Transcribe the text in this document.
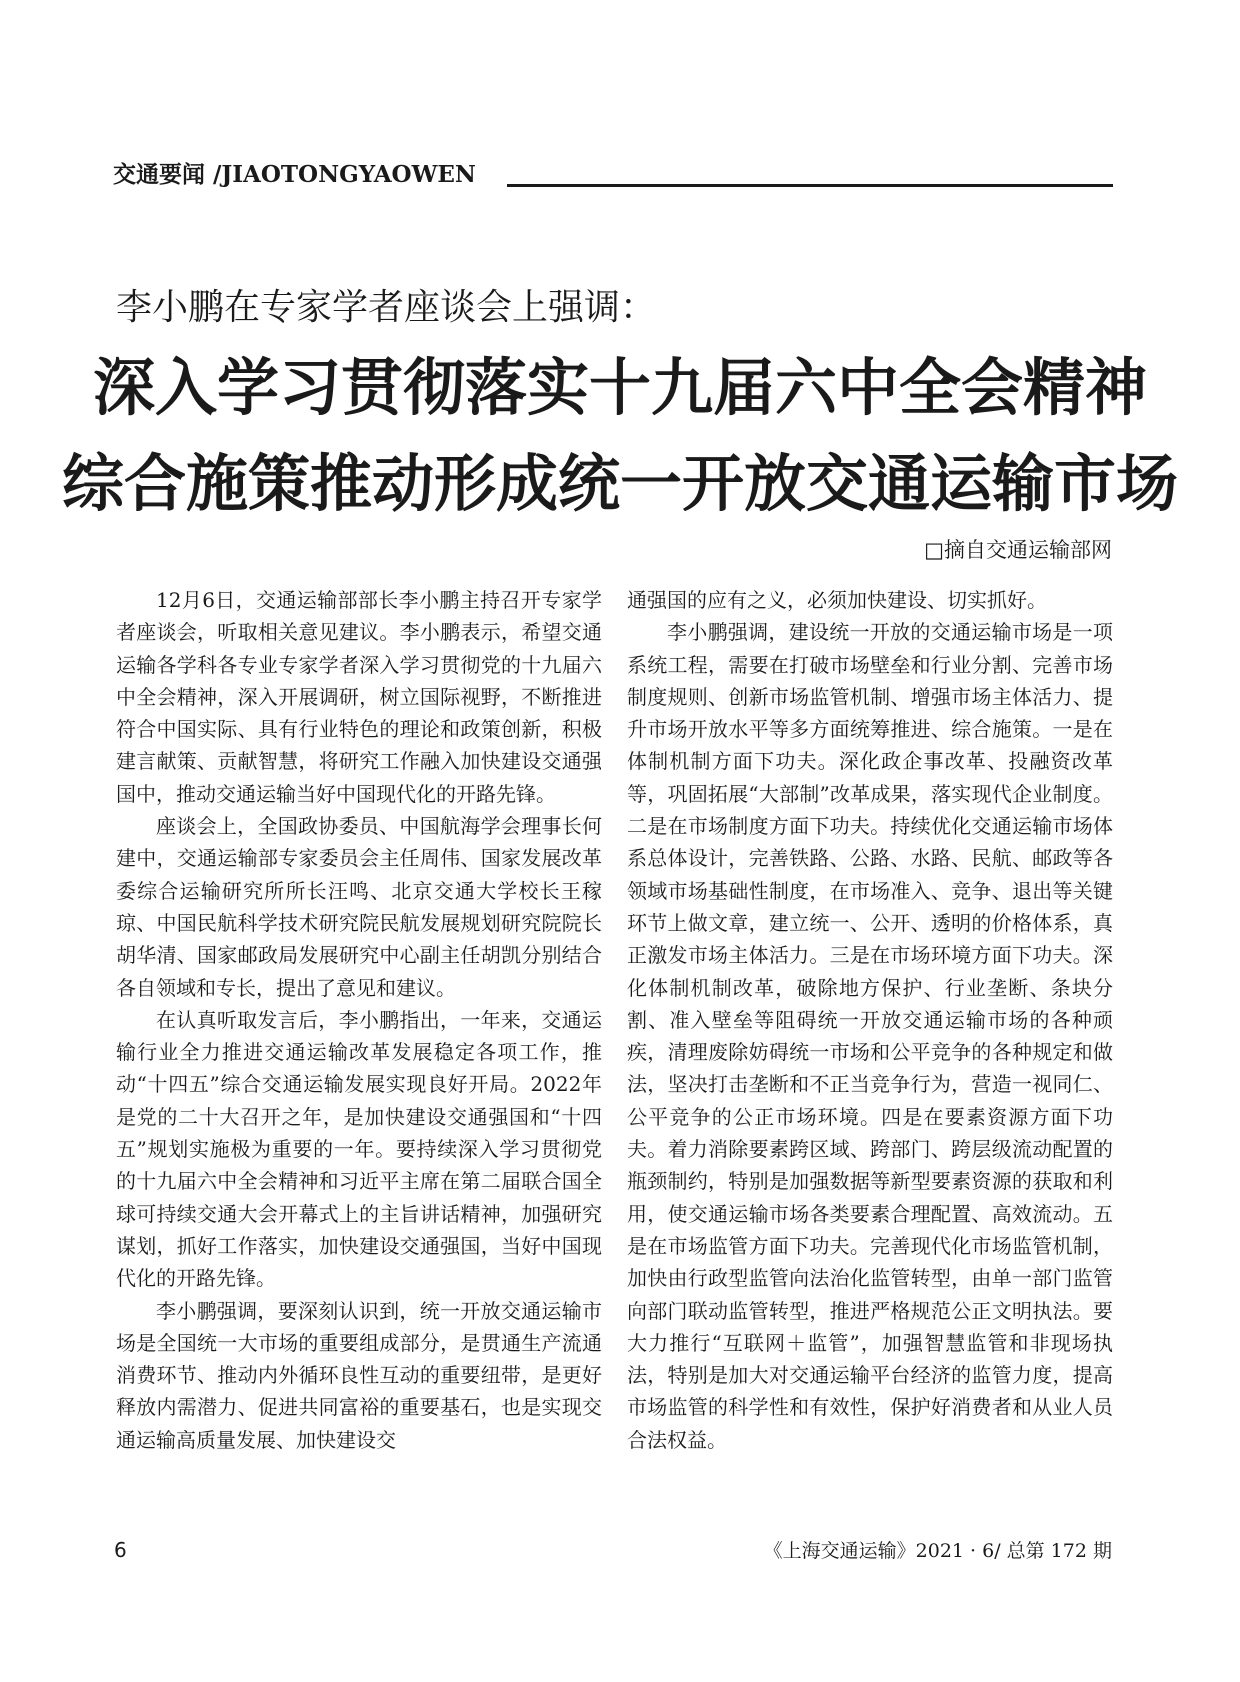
交通要闻 /JIAOTONGYAOWEN
李小鹏在专家学者座谈会上强调：
深入学习贯彻落实十九届六中全会精神
综合施策推动形成统一开放交通运输市场
□摘自交通运输部网

12月6日，交通运输部部长李小鹏主持召开专家学者座谈会，听取相关意见建议。李小鹏表示，希望交通运输各学科各专业专家学者深入学习贯彻党的十九届六中全会精神，深入开展调研，树立国际视野，不断推进符合中国实际、具有行业特色的理论和政策创新，积极建言献策、贡献智慧，将研究工作融入加快建设交通强国中，推动交通运输当好中国现代化的开路先锋。

座谈会上，全国政协委员、中国航海学会理事长何建中，交通运输部专家委员会主任周伟、国家发展改革委综合运输研究所所长汪鸣、北京交通大学校长王稼琼、中国民航科学技术研究院民航发展规划研究院院长胡华清、国家邮政局发展研究中心副主任胡凯分别结合各自领域和专长，提出了意见和建议。

在认真听取发言后，李小鹏指出，一年来，交通运输行业全力推进交通运输改革发展稳定各项工作，推动“十四五”综合交通运输发展实现良好开局。2022年是党的二十大召开之年，是加快建设交通强国和“十四五”规划实施极为重要的一年。要持续深入学习贯彻党的十九届六中全会精神和习近平主席在第二届联合国全球可持续交通大会开幕式上的主旨讲话精神，加强研究谋划，抓好工作落实，加快建设交通强国，当好中国现代化的开路先锋。

李小鹏强调，要深刻认识到，统一开放交通运输市场是全国统一大市场的重要组成部分，是贯通生产流通消费环节、推动内外循环良性互动的重要纽带，是更好释放内需潜力、促进共同富裕的重要基石，也是实现交通运输高质量发展、加快建设交

通强国的应有之义，必须加快建设、切实抓好。

李小鹏强调，建设统一开放的交通运输市场是一项系统工程，需要在打破市场壁垒和行业分割、完善市场制度规则、创新市场监管机制、增强市场主体活力、提升市场开放水平等多方面统筹推进、综合施策。一是在体制机制方面下功夫。深化政企事改革、投融资改革等，巩固拓展“大部制”改革成果，落实现代企业制度。二是在市场制度方面下功夫。持续优化交通运输市场体系总体设计，完善铁路、公路、水路、民航、邮政等各领域市场基础性制度，在市场准入、竞争、退出等关键环节上做文章，建立统一、公开、透明的价格体系，真正激发市场主体活力。三是在市场环境方面下功夫。深化体制机制改革，破除地方保护、行业垄断、条块分割、准入壁垒等阻碍统一开放交通运输市场的各种顽疾，清理废除妨碍统一市场和公平竞争的各种规定和做法，坚决打击垄断和不正当竞争行为，营造一视同仁、公平竞争的公正市场环境。四是在要素资源方面下功夫。着力消除要素跨区域、跨部门、跨层级流动配置的瓶颈制约，特别是加强数据等新型要素资源的获取和利用，使交通运输市场各类要素合理配置、高效流动。五是在市场监管方面下功夫。完善现代化市场监管机制，加快由行政型监管向法治化监管转型，由单一部门监管向部门联动监管转型，推进严格规范公正文明执法。要大力推行“互联网＋监管”，加强智慧监管和非现场执法，特别是加大对交通运输平台经济的监管力度，提高市场监管的科学性和有效性，保护好消费者和从业人员合法权益。

6	《上海交通运输》2021 · 6/ 总第 172 期
